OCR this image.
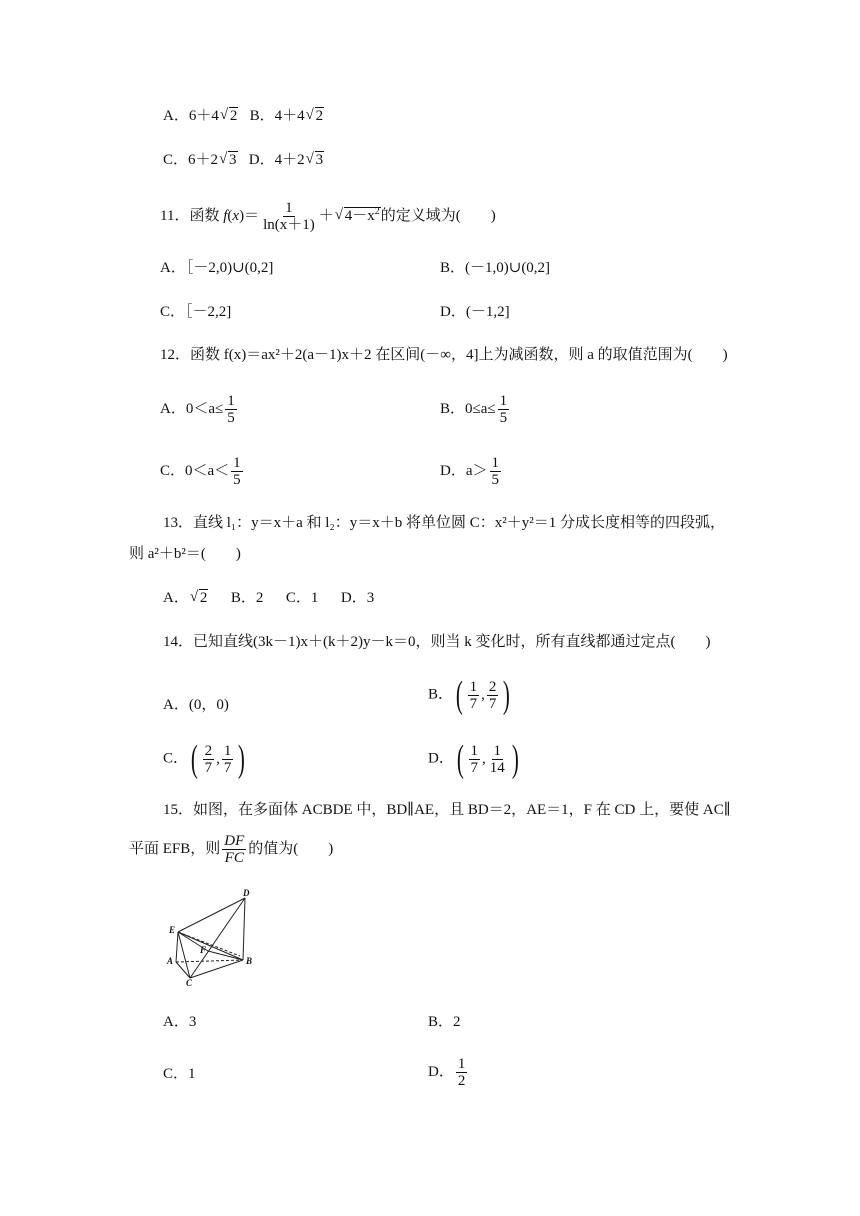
A．6＋4 √ 2 B．4＋4 √ 2
C．6＋2 √ 3 D．4＋2 √ 3
11．函数 $f(x)= \frac{1}{\ln(x+1)}$ ＋ √ $4-x^2$的定义域为(　　)
A．［－2,0)∪(0,2]	B．(－1,0)∪(0,2]
C．［－2,2]	D．(－1,2]
12．函数 f(x)＝ax²＋2(a－1)x＋2 在区间(－∞，4]上为减函数，则 a 的取值范围为(　　)
A．$0<a\le \frac{1}{5}$	B．$0\le a\le \frac{1}{5}$
C．$0<a< \frac{1}{5}$	D．$a> \frac{1}{5}$
13．直线 l₁：y＝x＋a 和 l₂：y＝x＋b 将单位圆 C：x²＋y²＝1 分成长度相等的四段弧，
则 a²＋b²＝(　　)
A． √ 2 B．2 C．1 D．3
14．已知直线(3k－1)x＋(k＋2)y－k＝0，则当 k 变化时，所有直线都通过定点(　　)
A．(0，0)
B． ( $\frac{1}{7}$ , $\frac{2}{7}$ )
C． ( $\frac{2}{7}$ , $\frac{1}{7}$ )	D． ( $\frac{1}{7}$ , $\frac{1}{14}$ )
15．如图，在多面体 ACBDE 中，BD∥AE，且 BD＝2，AE＝1，F 在 CD 上，要使 AC∥
平面 EFB，则 $\frac{DF}{FC}$ 的值为(　　)
D
E
F
A	B
C
A．3	B．2
C．1	D． $\frac{1}{2}$
